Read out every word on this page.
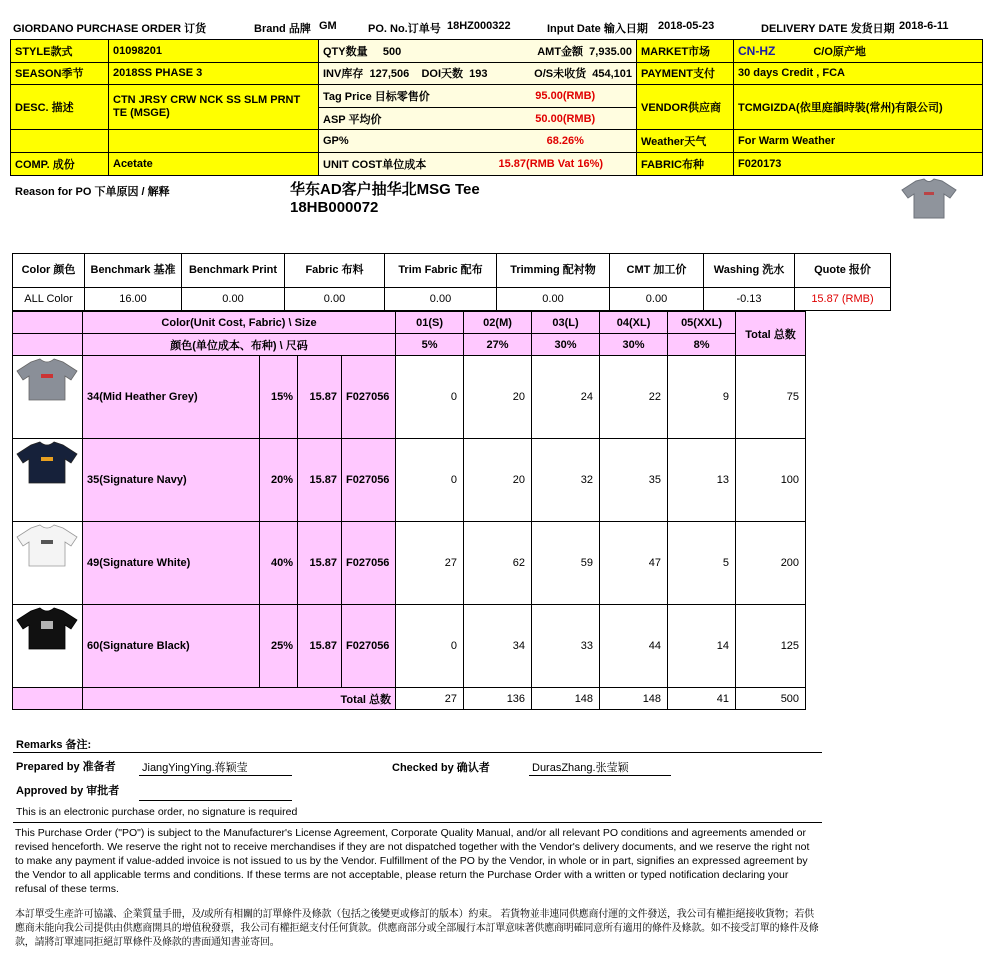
GIORDANO PURCHASE ORDER 订货	Brand 品牌 GM	PO. No.订单号 18HZ000322	Input Date 输入日期 2018-05-23	DELIVERY DATE 发货日期 2018-6-11
STYLE款式	01098201	QTY数量 500	AMT金额 7,935.00	MARKET市场	CN-HZ C/O原产地
SEASON季节	2018SS PHASE 3	INV库存 127,506 DOI天数 193	O/S未收货 454,101	PAYMENT支付	30 days Credit , FCA
DESC. 描述	CTN JRSY CRW NCK SS SLM PRNT TE (MSGE)	Tag Price 目标零售价	95.00(RMB)	VENDOR供应商	TCMGIZDA(依里庭韻時裝(常州)有限公司)
		ASP 平均价	50.00(RMB)		
		GP%	68.26%	Weather天气	For Warm Weather
COMP. 成份	Acetate	UNIT COST单位成本	15.87(RMB Vat 16%)	FABRIC布种	F020173
Reason for PO 下单原因 / 解释	华东AD客户抽华北MSG Tee
18HB000072
Color 颜色	Benchmark 基准	Benchmark Print	Fabric 布料	Trim Fabric 配布	Trimming 配衬物	CMT 加工价	Washing 洗水	Quote 报价
ALL Color	16.00	0.00	0.00	0.00	0.00	0.00	-0.13	15.87 (RMB)
	Color(Unit Cost, Fabric) \ Size				01(S)	02(M)	03(L)	04(XL)	05(XXL)	Total 总数
	颜色(单位成本、布种) \ 尺码				5%	27%	30%	30%	8%	
	34(Mid Heather Grey)	15%	15.87	F027056	0	20	24	22	9	75
	35(Signature Navy)	20%	15.87	F027056	0	20	32	35	13	100
	49(Signature White)	40%	15.87	F027056	27	62	59	47	5	200
	60(Signature Black)	25%	15.87	F027056	0	34	33	44	14	125
	Total 总数				27	136	148	148	41	500
Remarks 备注:
Prepared by 准备者 JiangYingYing.蒋颖莹	Checked by 确认者	DurasZhang.张莹颖
Approved by 审批者
This is an electronic purchase order, no signature is required
This Purchase Order ("PO") is subject to the Manufacturer's License Agreement, Corporate Quality Manual, and/or all relevant PO conditions and agreements amended or revised henceforth. We reserve the right not to receive merchandises if they are not dispatched together with the Vendor's delivery documents, and we reserve the right not to make any payment if value-added invoice is not issued to us by the Vendor. Fulfillment of the PO by the Vendor, in whole or in part, signifies an expressed agreement by the Vendor to all applicable terms and conditions. If these terms are not acceptable, please return the Purchase Order with a written or typed notification declaring your refusal of these terms.
本訂單受生產許可協議、企業質量手冊，及/或所有相關的訂單條件及條款（包括之後變更或修訂的版本）約束。 若貨物並非連同供應商付運的文件發送，我公司有權拒絕接收貨物；若供應商未能向我公司提供由供應商開具的增值稅發票，我公司有權拒絕支付任何貨款。供應商部分或全部履行本訂單意味著供應商明確同意所有適用的條件及條款。如不接受訂單的條件及條款，請將訂單連同拒絕訂單條件及條款的書面通知書並寄回。
